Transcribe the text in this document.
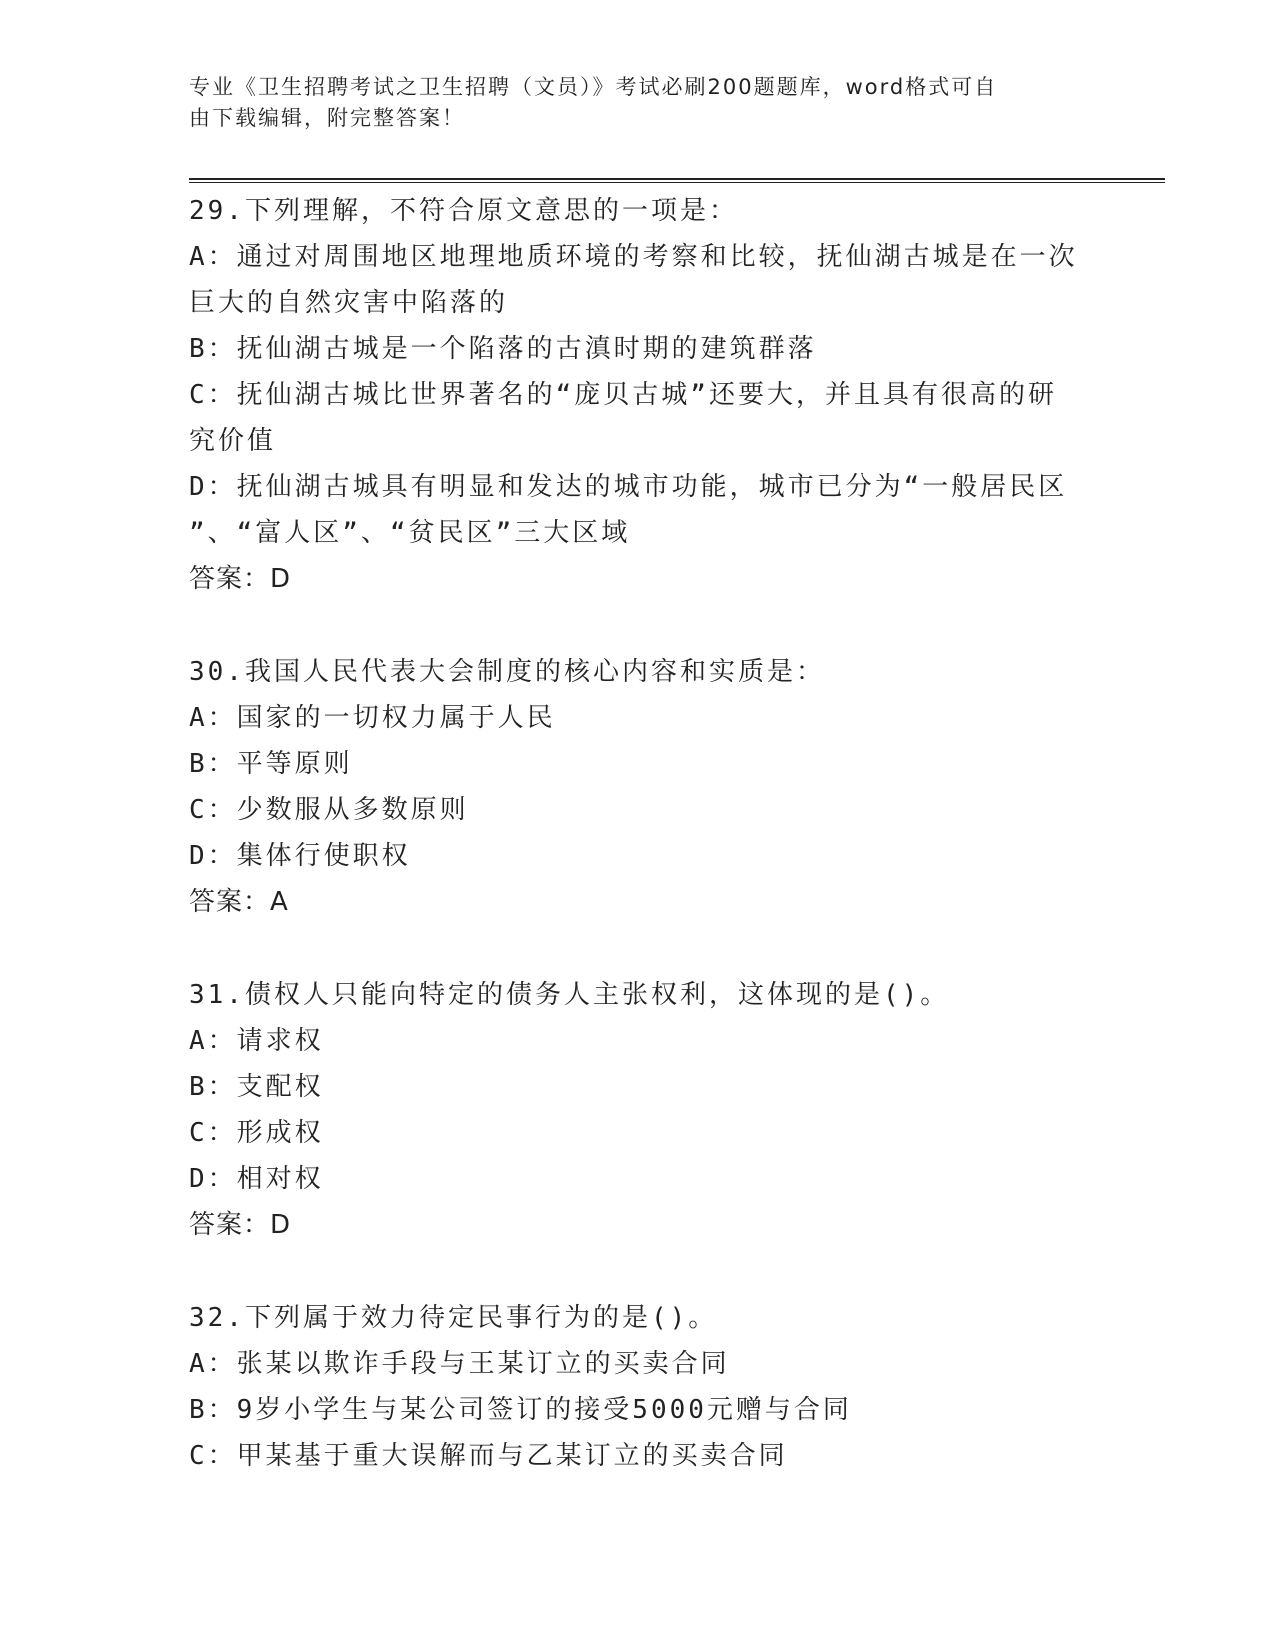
专业《卫生招聘考试之卫生招聘（文员）》考试必刷200题题库，word格式可自
由下载编辑，附完整答案！
29.下列理解，不符合原文意思的一项是：
A：通过对周围地区地理地质环境的考察和比较，抚仙湖古城是在一次
巨大的自然灾害中陷落的
B：抚仙湖古城是一个陷落的古滇时期的建筑群落
C：抚仙湖古城比世界著名的“庞贝古城”还要大，并且具有很高的研
究价值
D：抚仙湖古城具有明显和发达的城市功能，城市已分为“一般居民区
”、“富人区”、“贫民区”三大区域
答案：D
30.我国人民代表大会制度的核心内容和实质是：
A：国家的一切权力属于人民
B：平等原则
C：少数服从多数原则
D：集体行使职权
答案：A
31.债权人只能向特定的债务人主张权利，这体现的是()。
A：请求权
B：支配权
C：形成权
D：相对权
答案：D
32.下列属于效力待定民事行为的是()。
A：张某以欺诈手段与王某订立的买卖合同
B：9岁小学生与某公司签订的接受5000元赠与合同
C：甲某基于重大误解而与乙某订立的买卖合同
